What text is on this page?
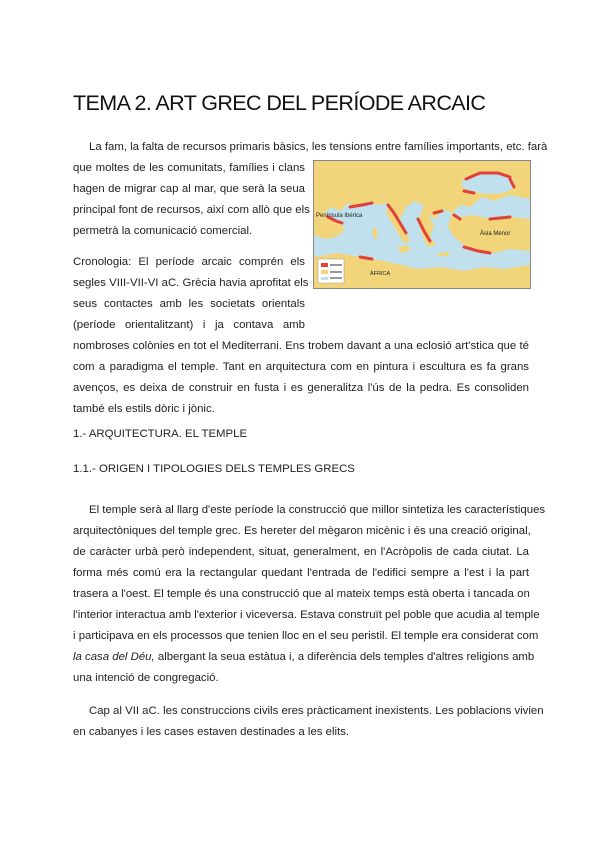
TEMA 2. ART GREC DEL PERÍODE ARCAIC
La fam, la falta de recursos primaris bàsics, les tensions entre famílies importants, etc. farà
que moltes de les comunitats, famílies i clans
hagen de migrar cap al mar, que serà la seua
principal font de recursos, així com allò que els
permetrà la comunicació comercial.
Cronologia: El període arcaic comprén els
segles VIII-VII-VI aC. Grècia havia aprofitat els
seus contactes amb les societats orientals
(període orientalitzant) i ja contava amb
nombroses colònies en tot el Mediterrani. Ens trobem davant a una eclosió art'stica que té
com a paradigma el temple. Tant en arquitectura com en pintura i escultura es fa grans
avenços, es deixa de construir en fusta i es generalitza l'ús de la pedra. Es consoliden
també els estils dòric i jònic.
Península Ibèrica
Àsia Menor
ÀFRICA
1.- ARQUITECTURA. EL TEMPLE
1.1.- ORIGEN I TIPOLOGIES DELS TEMPLES GRECS
El temple serà al llarg d'este període la construcció que millor sintetiza les característiques
arquitectòniques del temple grec. Es hereter del mègaron micènic i és una creació original,
de caràcter urbà però independent, situat, generalment, en l'Acròpolis de cada ciutat. La
forma més comú era la rectangular quedant l'entrada de l'edifici sempre a l'est i la part
trasera a l'oest. El temple és una construcció que al mateix temps està oberta i tancada on
l'interior interactua amb l'exterior i viceversa. Estava construït pel poble que acudia al temple
i participava en els processos que tenien lloc en el seu peristil. El temple era considerat com
la casa del Déu, albergant la seua estàtua i, a diferència dels temples d'altres religions amb
una intenció de congregació.
Cap al VII aC. les construccions civils eres pràcticament inexistents. Les poblacions vivien
en cabanyes i les cases estaven destinades a les elits.
